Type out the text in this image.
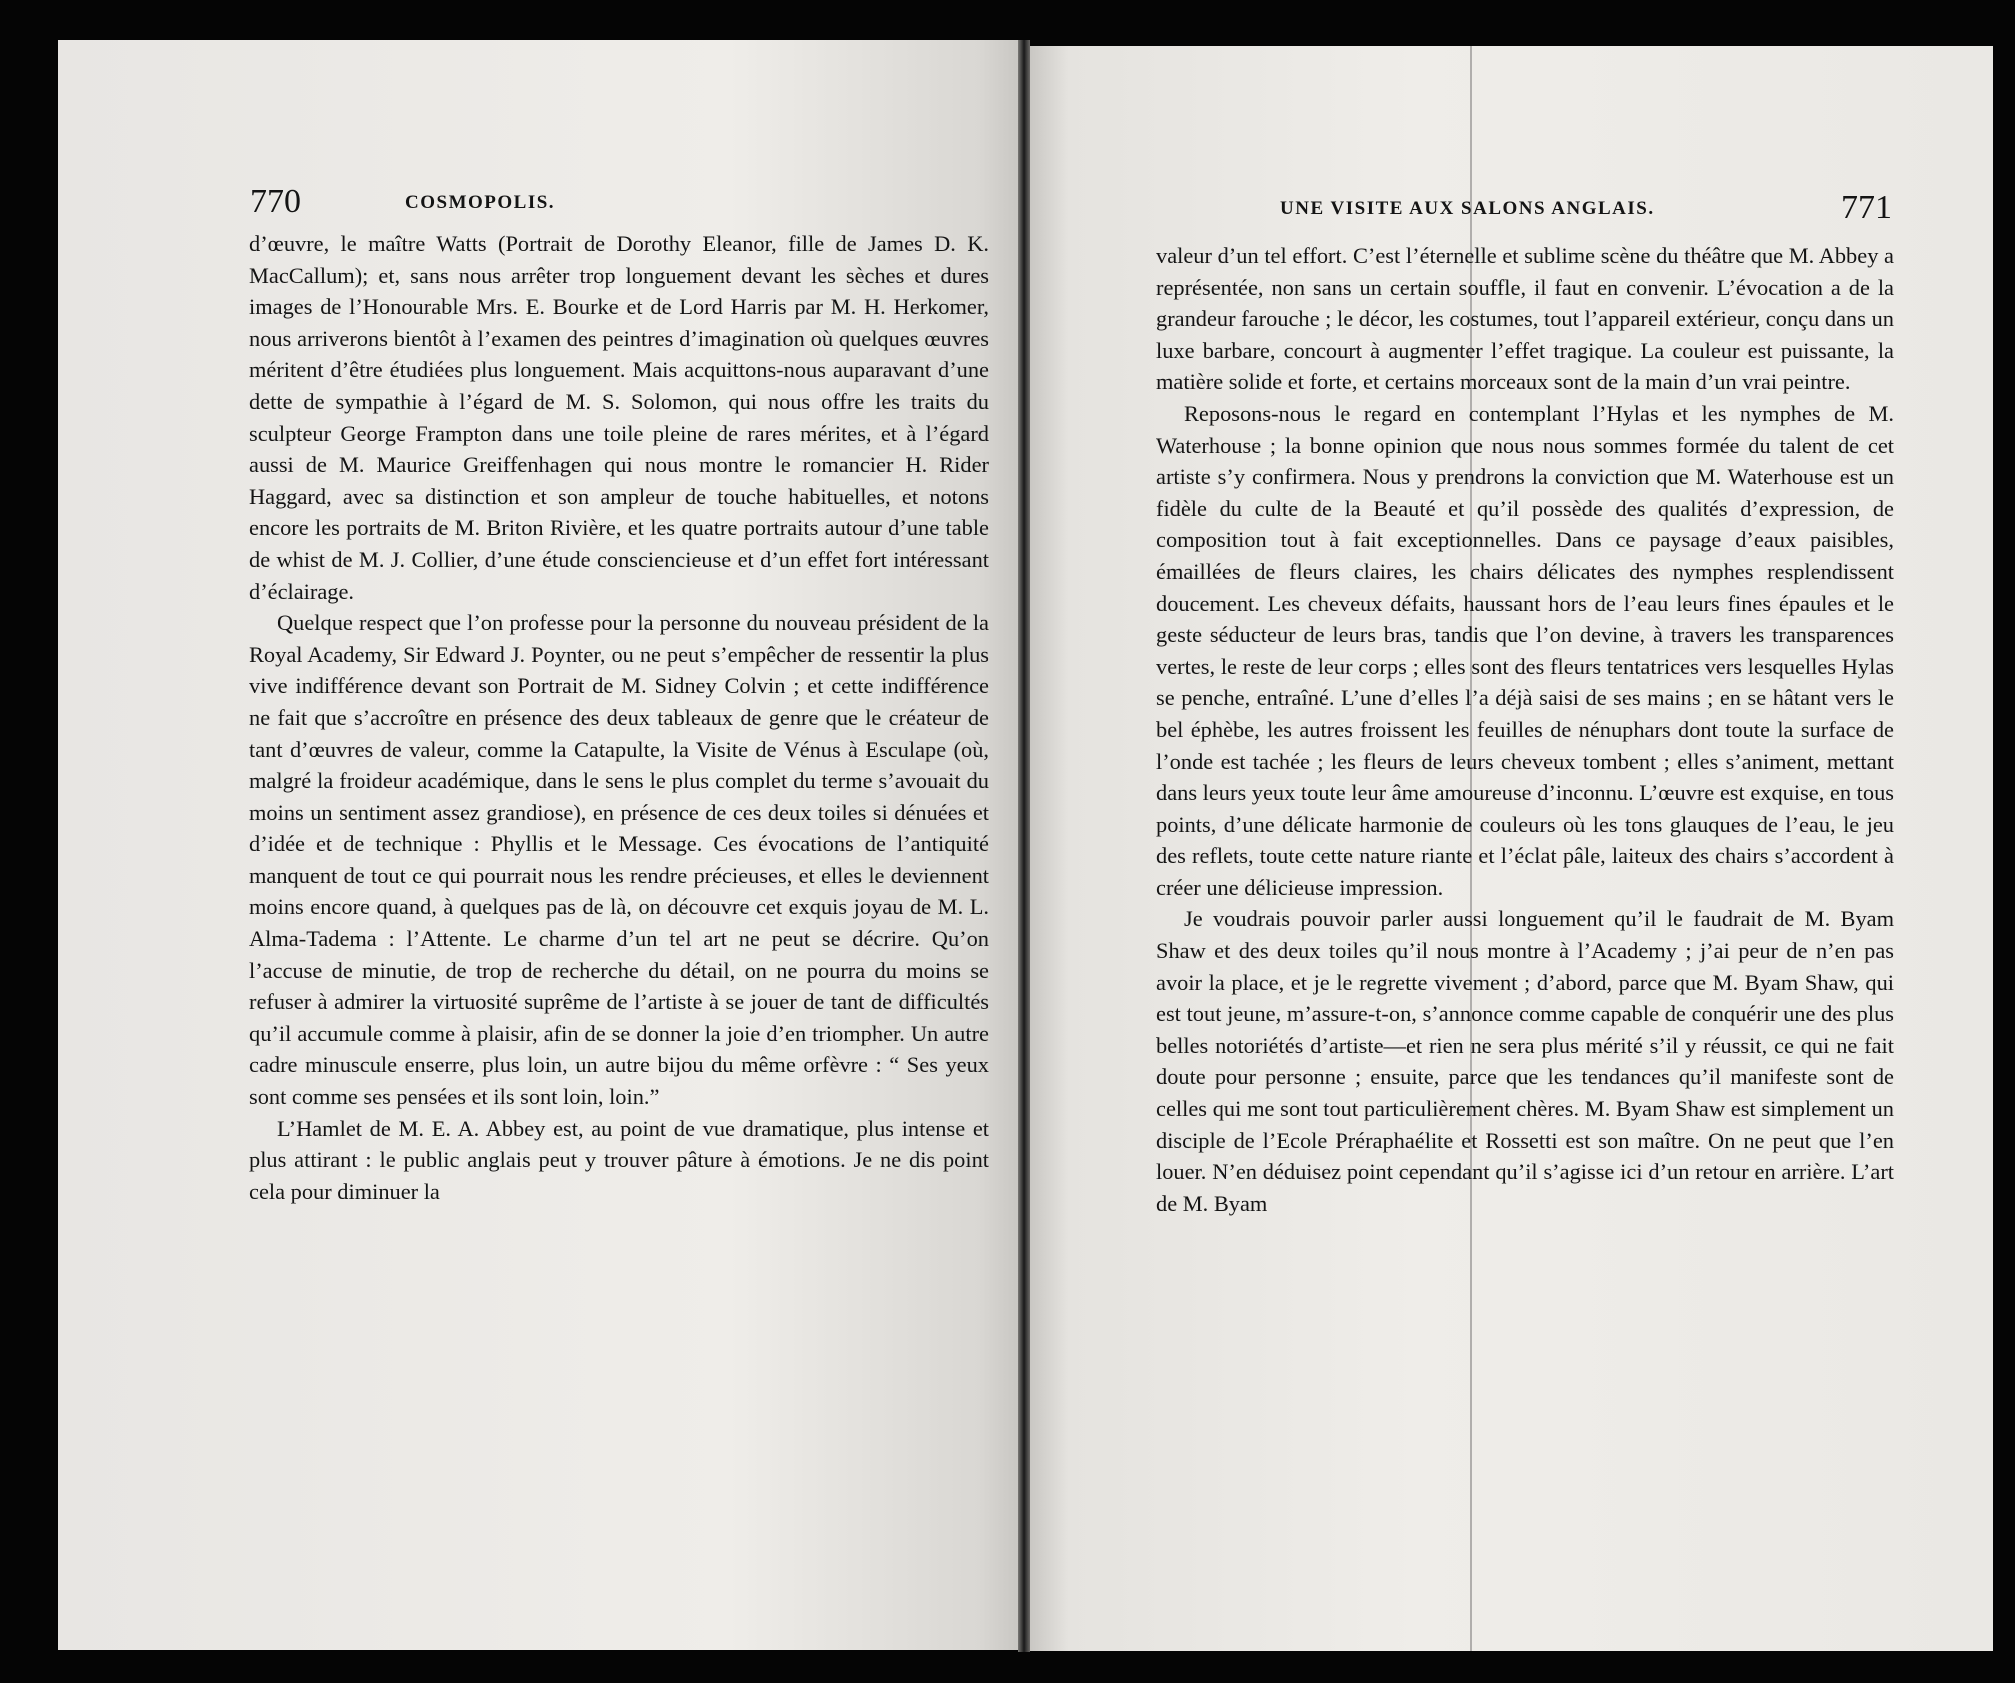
770	COSMOPOLIS.

d’œuvre, le maître Watts (Portrait de Dorothy Eleanor, fille de James D. K. MacCallum); et, sans nous arrêter trop longuement devant les sèches et dures images de l’Honourable Mrs. E. Bourke et de Lord Harris par M. H. Herkomer, nous arriverons bientôt à l’examen des peintres d’imagination où quelques œuvres méritent d’être étudiées plus longuement. Mais acquittons-nous auparavant d’une dette de sympathie à l’égard de M. S. Solomon, qui nous offre les traits du sculpteur George Frampton dans une toile pleine de rares mérites, et à l’égard aussi de M. Maurice Greiffenhagen qui nous montre le romancier H. Rider Haggard, avec sa distinction et son ampleur de touche habituelles, et notons encore les portraits de M. Briton Rivière, et les quatre portraits autour d’une table de whist de M. J. Collier, d’une étude consciencieuse et d’un effet fort intéressant d’éclairage.

Quelque respect que l’on professe pour la personne du nouveau président de la Royal Academy, Sir Edward J. Poynter, ou ne peut s’empêcher de ressentir la plus vive indifférence devant son Portrait de M. Sidney Colvin ; et cette indifférence ne fait que s’accroître en présence des deux tableaux de genre que le créateur de tant d’œuvres de valeur, comme la Catapulte, la Visite de Vénus à Esculape (où, malgré la froideur académique, dans le sens le plus complet du terme s’avouait du moins un sentiment assez grandiose), en présence de ces deux toiles si dénuées et d’idée et de technique : Phyllis et le Message. Ces évocations de l’antiquité manquent de tout ce qui pourrait nous les rendre précieuses, et elles le deviennent moins encore quand, à quelques pas de là, on découvre cet exquis joyau de M. L. Alma-Tadema : l’Attente. Le charme d’un tel art ne peut se décrire. Qu’on l’accuse de minutie, de trop de recherche du détail, on ne pourra du moins se refuser à admirer la virtuosité suprême de l’artiste à se jouer de tant de difficultés qu’il accumule comme à plaisir, afin de se donner la joie d’en triompher. Un autre cadre minuscule enserre, plus loin, un autre bijou du même orfèvre : “ Ses yeux sont comme ses pensées et ils sont loin, loin.”

L’Hamlet de M. E. A. Abbey est, au point de vue dramatique, plus intense et plus attirant : le public anglais peut y trouver pâture à émotions. Je ne dis point cela pour diminuer la

UNE VISITE AUX SALONS ANGLAIS.	771

valeur d’un tel effort. C’est l’éternelle et sublime scène du théâtre que M. Abbey a représentée, non sans un certain souffle, il faut en convenir. L’évocation a de la grandeur farouche ; le décor, les costumes, tout l’appareil extérieur, conçu dans un luxe barbare, concourt à augmenter l’effet tragique. La couleur est puissante, la matière solide et forte, et certains morceaux sont de la main d’un vrai peintre.

Reposons-nous le regard en contemplant l’Hylas et les nymphes de M. Waterhouse ; la bonne opinion que nous nous sommes formée du talent de cet artiste s’y confirmera. Nous y prendrons la conviction que M. Waterhouse est un fidèle du culte de la Beauté et qu’il possède des qualités d’expression, de composition tout à fait exceptionnelles. Dans ce paysage d’eaux paisibles, émaillées de fleurs claires, les chairs délicates des nymphes resplendissent doucement. Les cheveux défaits, haussant hors de l’eau leurs fines épaules et le geste séducteur de leurs bras, tandis que l’on devine, à travers les transparences vertes, le reste de leur corps ; elles sont des fleurs tentatrices vers lesquelles Hylas se penche, entraîné. L’une d’elles l’a déjà saisi de ses mains ; en se hâtant vers le bel éphèbe, les autres froissent les feuilles de nénuphars dont toute la surface de l’onde est tachée ; les fleurs de leurs cheveux tombent ; elles s’animent, mettant dans leurs yeux toute leur âme amoureuse d’inconnu. L’œuvre est exquise, en tous points, d’une délicate harmonie de couleurs où les tons glauques de l’eau, le jeu des reflets, toute cette nature riante et l’éclat pâle, laiteux des chairs s’accordent à créer une délicieuse impression.

Je voudrais pouvoir parler aussi longuement qu’il le faudrait de M. Byam Shaw et des deux toiles qu’il nous montre à l’Academy ; j’ai peur de n’en pas avoir la place, et je le regrette vivement ; d’abord, parce que M. Byam Shaw, qui est tout jeune, m’assure-t-on, s’annonce comme capable de conquérir une des plus belles notoriétés d’artiste—et rien ne sera plus mérité s’il y réussit, ce qui ne fait doute pour personne ; ensuite, parce que les tendances qu’il manifeste sont de celles qui me sont tout particulièrement chères. M. Byam Shaw est simplement un disciple de l’Ecole Préraphaélite et Rossetti est son maître. On ne peut que l’en louer. N’en déduisez point cependant qu’il s’agisse ici d’un retour en arrière. L’art de M. Byam
